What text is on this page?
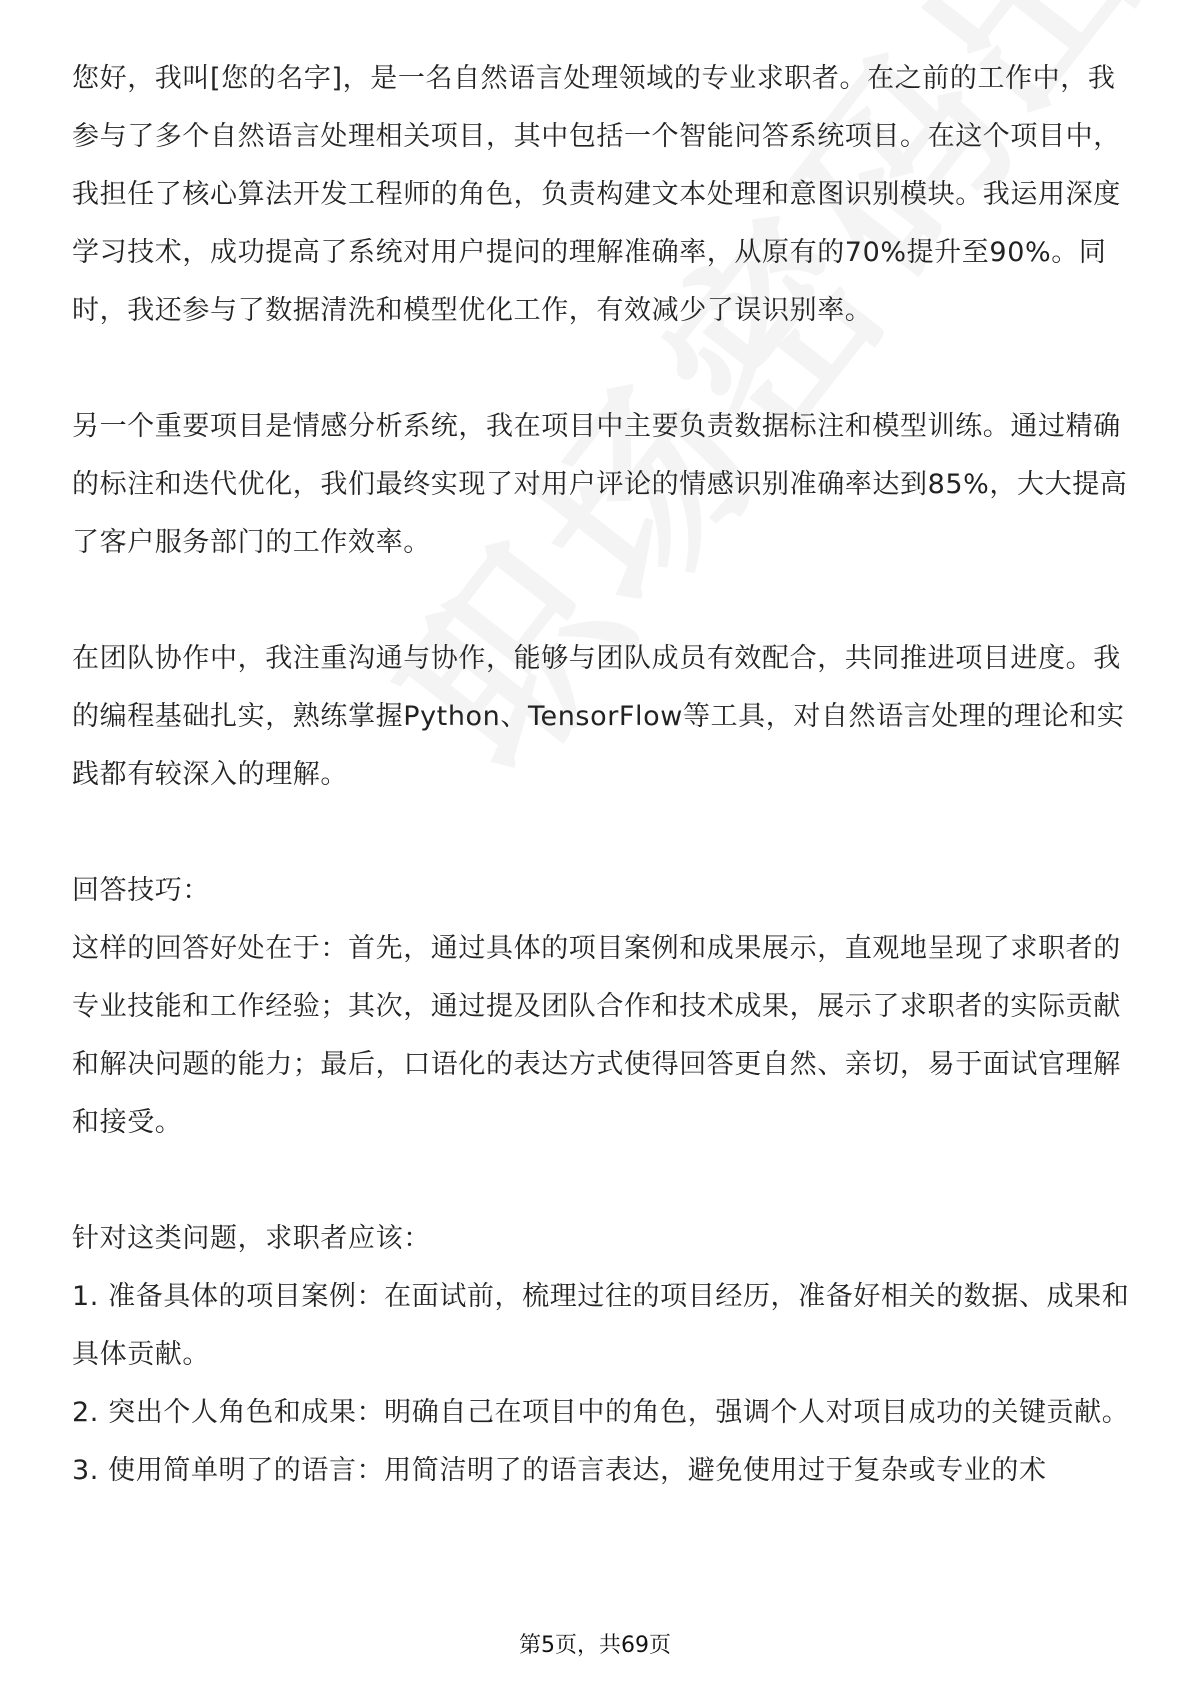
您好，我叫[您的名字]，是一名自然语言处理领域的专业求职者。在之前的工作中，我参与了多个自然语言处理相关项目，其中包括一个智能问答系统项目。在这个项目中，我担任了核心算法开发工程师的角色，负责构建文本处理和意图识别模块。我运用深度学习技术，成功提高了系统对用户提问的理解准确率，从原有的70%提升至90%。同时，我还参与了数据清洗和模型优化工作，有效减少了误识别率。

另一个重要项目是情感分析系统，我在项目中主要负责数据标注和模型训练。通过精确的标注和迭代优化，我们最终实现了对用户评论的情感识别准确率达到85%，大大提高了客户服务部门的工作效率。

在团队协作中，我注重沟通与协作，能够与团队成员有效配合，共同推进项目进度。我的编程基础扎实，熟练掌握Python、TensorFlow等工具，对自然语言处理的理论和实践都有较深入的理解。

回答技巧：

这样的回答好处在于：首先，通过具体的项目案例和成果展示，直观地呈现了求职者的专业技能和工作经验；其次，通过提及团队合作和技术成果，展示了求职者的实际贡献和解决问题的能力；最后，口语化的表达方式使得回答更自然、亲切，易于面试官理解和接受。

针对这类问题，求职者应该：

1. 准备具体的项目案例：在面试前，梳理过往的项目经历，准备好相关的数据、成果和具体贡献。

2. 突出个人角色和成果：明确自己在项目中的角色，强调个人对项目成功的关键贡献。

3. 使用简单明了的语言：用简洁明了的语言表达，避免使用过于复杂或专业的术

第5页，共69页
